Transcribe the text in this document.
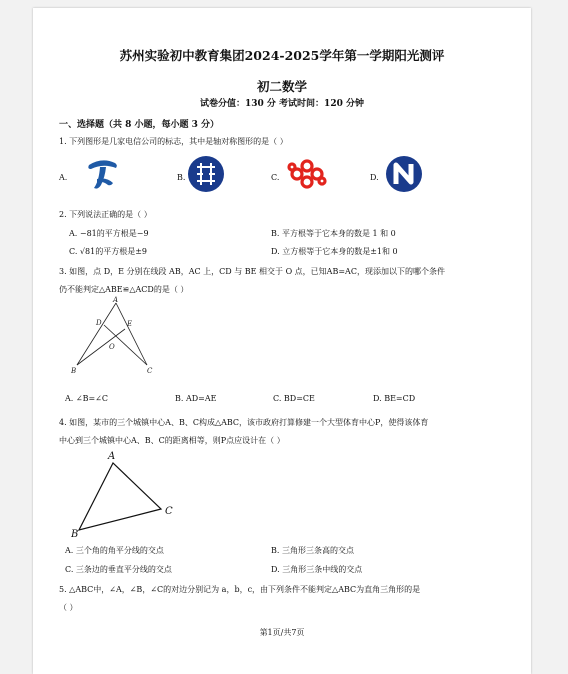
苏州实验初中教育集团2024-2025学年第一学期阳光测评
初二数学
试卷分值：130 分 考试时间：120 分钟
一、选择题（共 8 小题，每小题 3 分）
1. 下列图形是几家电信公司的标志，其中是轴对称图形的是（ ）
A.	B.	C.	D.
2. 下列说法正确的是（ ）
A. −81的平方根是−9	B. 平方根等于它本身的数是 1 和 0
C. √81的平方根是±9	D. 立方根等于它本身的数是±1和 0
3. 如图，点 D，E 分别在线段 AB，AC 上，CD 与 BE 相交于 O 点，已知AB=AC，现添加以下的哪个条件
仍不能判定△ABE≌△ACD的是（ ）
A
D	E
O
B	C
A. ∠B=∠C	B. AD=AE	C. BD=CE	D. BE=CD
4. 如图，某市的三个城镇中心A、B、C构成△ABC，该市政府打算修建一个大型体育中心P，使得该体育
中心到三个城镇中心A、B、C的距离相等，则P点应设计在（ ）
A
B
C
A. 三个角的角平分线的交点	B. 三角形三条高的交点
C. 三条边的垂直平分线的交点	D. 三角形三条中线的交点
5. △ABC中，∠A，∠B，∠C的对边分别记为 a，b，c，由下列条件不能判定△ABC为直角三角形的是
（ ）
第1页/共7页
